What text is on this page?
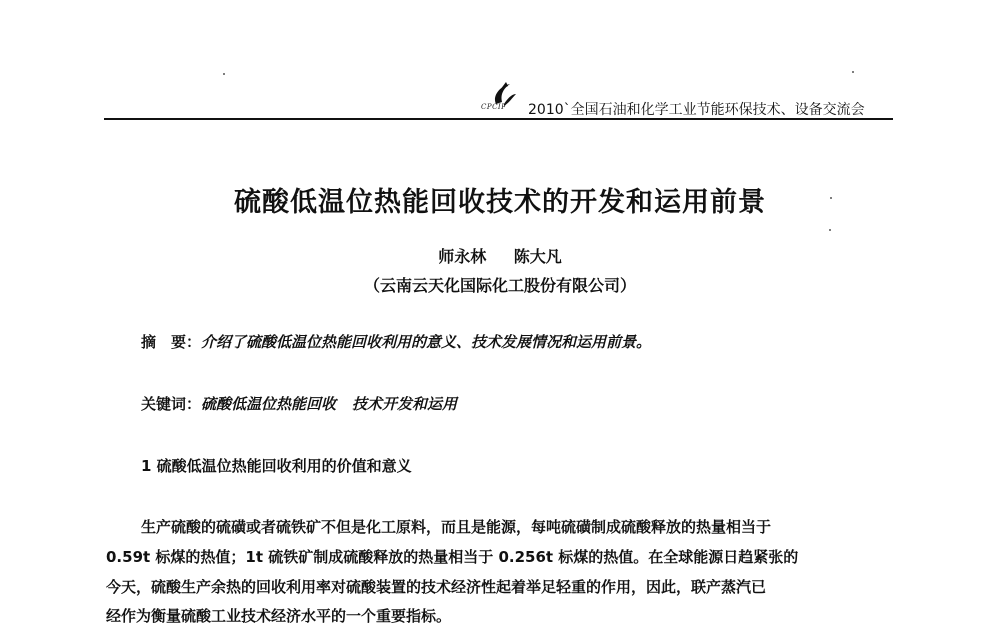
CPCIF 2010`全国石油和化学工业节能环保技术、设备交流会
硫酸低温位热能回收技术的开发和运用前景
师永林 陈大凡
（云南云天化国际化工股份有限公司）
摘　要：介绍了硫酸低温位热能回收利用的意义、技术发展情况和运用前景。
关键词：硫酸低温位热能回收 技术开发和运用
1 硫酸低温位热能回收利用的价值和意义
生产硫酸的硫磺或者硫铁矿不但是化工原料，而且是能源，每吨硫磺制成硫酸释放的热量相当于
0.59t 标煤的热值；1t 硫铁矿制成硫酸释放的热量相当于 0.256t 标煤的热值。在全球能源日趋紧张的
今天，硫酸生产余热的回收利用率对硫酸装置的技术经济性起着举足轻重的作用，因此，联产蒸汽已
经作为衡量硫酸工业技术经济水平的一个重要指标。
